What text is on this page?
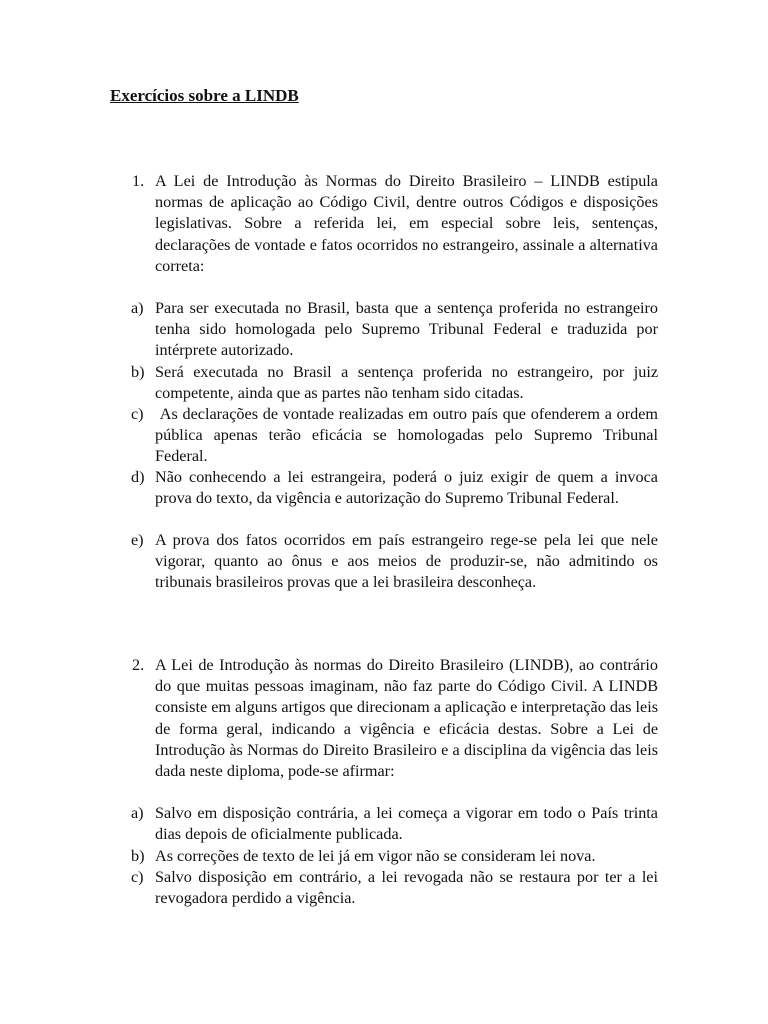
Exercícios sobre a LINDB
1. A Lei de Introdução às Normas do Direito Brasileiro – LINDB estipula normas de aplicação ao Código Civil, dentre outros Códigos e disposições legislativas. Sobre a referida lei, em especial sobre leis, sentenças, declarações de vontade e fatos ocorridos no estrangeiro, assinale a alternativa correta:
a) Para ser executada no Brasil, basta que a sentença proferida no estrangeiro tenha sido homologada pelo Supremo Tribunal Federal e traduzida por intérprete autorizado.
b) Será executada no Brasil a sentença proferida no estrangeiro, por juiz competente, ainda que as partes não tenham sido citadas.
c) As declarações de vontade realizadas em outro país que ofenderem a ordem pública apenas terão eficácia se homologadas pelo Supremo Tribunal Federal.
d) Não conhecendo a lei estrangeira, poderá o juiz exigir de quem a invoca prova do texto, da vigência e autorização do Supremo Tribunal Federal.
e) A prova dos fatos ocorridos em país estrangeiro rege-se pela lei que nele vigorar, quanto ao ônus e aos meios de produzir-se, não admitindo os tribunais brasileiros provas que a lei brasileira desconheça.
2. A Lei de Introdução às normas do Direito Brasileiro (LINDB), ao contrário do que muitas pessoas imaginam, não faz parte do Código Civil. A LINDB consiste em alguns artigos que direcionam a aplicação e interpretação das leis de forma geral, indicando a vigência e eficácia destas. Sobre a Lei de Introdução às Normas do Direito Brasileiro e a disciplina da vigência das leis dada neste diploma, pode-se afirmar:
a) Salvo em disposição contrária, a lei começa a vigorar em todo o País trinta dias depois de oficialmente publicada.
b) As correções de texto de lei já em vigor não se consideram lei nova.
c) Salvo disposição em contrário, a lei revogada não se restaura por ter a lei revogadora perdido a vigência.
